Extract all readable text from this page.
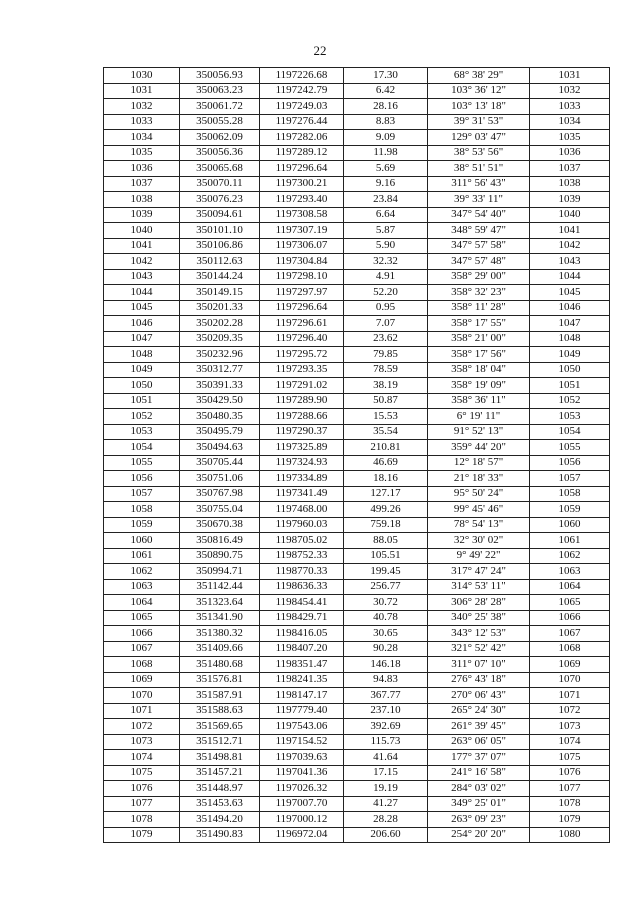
22
1030	350056.93	1197226.68	17.30	68° 38' 29"	1031
1031	350063.23	1197242.79	6.42	103° 36' 12"	1032
1032	350061.72	1197249.03	28.16	103° 13' 18"	1033
1033	350055.28	1197276.44	8.83	39° 31' 53"	1034
1034	350062.09	1197282.06	9.09	129° 03' 47"	1035
1035	350056.36	1197289.12	11.98	38° 53' 56"	1036
1036	350065.68	1197296.64	5.69	38° 51' 51"	1037
1037	350070.11	1197300.21	9.16	311° 56' 43"	1038
1038	350076.23	1197293.40	23.84	39° 33' 11"	1039
1039	350094.61	1197308.58	6.64	347° 54' 40"	1040
1040	350101.10	1197307.19	5.87	348° 59' 47"	1041
1041	350106.86	1197306.07	5.90	347° 57' 58"	1042
1042	350112.63	1197304.84	32.32	347° 57' 48"	1043
1043	350144.24	1197298.10	4.91	358° 29' 00"	1044
1044	350149.15	1197297.97	52.20	358° 32' 23"	1045
1045	350201.33	1197296.64	0.95	358° 11' 28"	1046
1046	350202.28	1197296.61	7.07	358° 17' 55"	1047
1047	350209.35	1197296.40	23.62	358° 21' 00"	1048
1048	350232.96	1197295.72	79.85	358° 17' 56"	1049
1049	350312.77	1197293.35	78.59	358° 18' 04"	1050
1050	350391.33	1197291.02	38.19	358° 19' 09"	1051
1051	350429.50	1197289.90	50.87	358° 36' 11"	1052
1052	350480.35	1197288.66	15.53	6° 19' 11"	1053
1053	350495.79	1197290.37	35.54	91° 52' 13"	1054
1054	350494.63	1197325.89	210.81	359° 44' 20"	1055
1055	350705.44	1197324.93	46.69	12° 18' 57"	1056
1056	350751.06	1197334.89	18.16	21° 18' 33"	1057
1057	350767.98	1197341.49	127.17	95° 50' 24"	1058
1058	350755.04	1197468.00	499.26	99° 45' 46"	1059
1059	350670.38	1197960.03	759.18	78° 54' 13"	1060
1060	350816.49	1198705.02	88.05	32° 30' 02"	1061
1061	350890.75	1198752.33	105.51	9° 49' 22"	1062
1062	350994.71	1198770.33	199.45	317° 47' 24"	1063
1063	351142.44	1198636.33	256.77	314° 53' 11"	1064
1064	351323.64	1198454.41	30.72	306° 28' 28"	1065
1065	351341.90	1198429.71	40.78	340° 25' 38"	1066
1066	351380.32	1198416.05	30.65	343° 12' 53"	1067
1067	351409.66	1198407.20	90.28	321° 52' 42"	1068
1068	351480.68	1198351.47	146.18	311° 07' 10"	1069
1069	351576.81	1198241.35	94.83	276° 43' 18"	1070
1070	351587.91	1198147.17	367.77	270° 06' 43"	1071
1071	351588.63	1197779.40	237.10	265° 24' 30"	1072
1072	351569.65	1197543.06	392.69	261° 39' 45"	1073
1073	351512.71	1197154.52	115.73	263° 06' 05"	1074
1074	351498.81	1197039.63	41.64	177° 37' 07"	1075
1075	351457.21	1197041.36	17.15	241° 16' 58"	1076
1076	351448.97	1197026.32	19.19	284° 03' 02"	1077
1077	351453.63	1197007.70	41.27	349° 25' 01"	1078
1078	351494.20	1197000.12	28.28	263° 09' 23"	1079
1079	351490.83	1196972.04	206.60	254° 20' 20"	1080
